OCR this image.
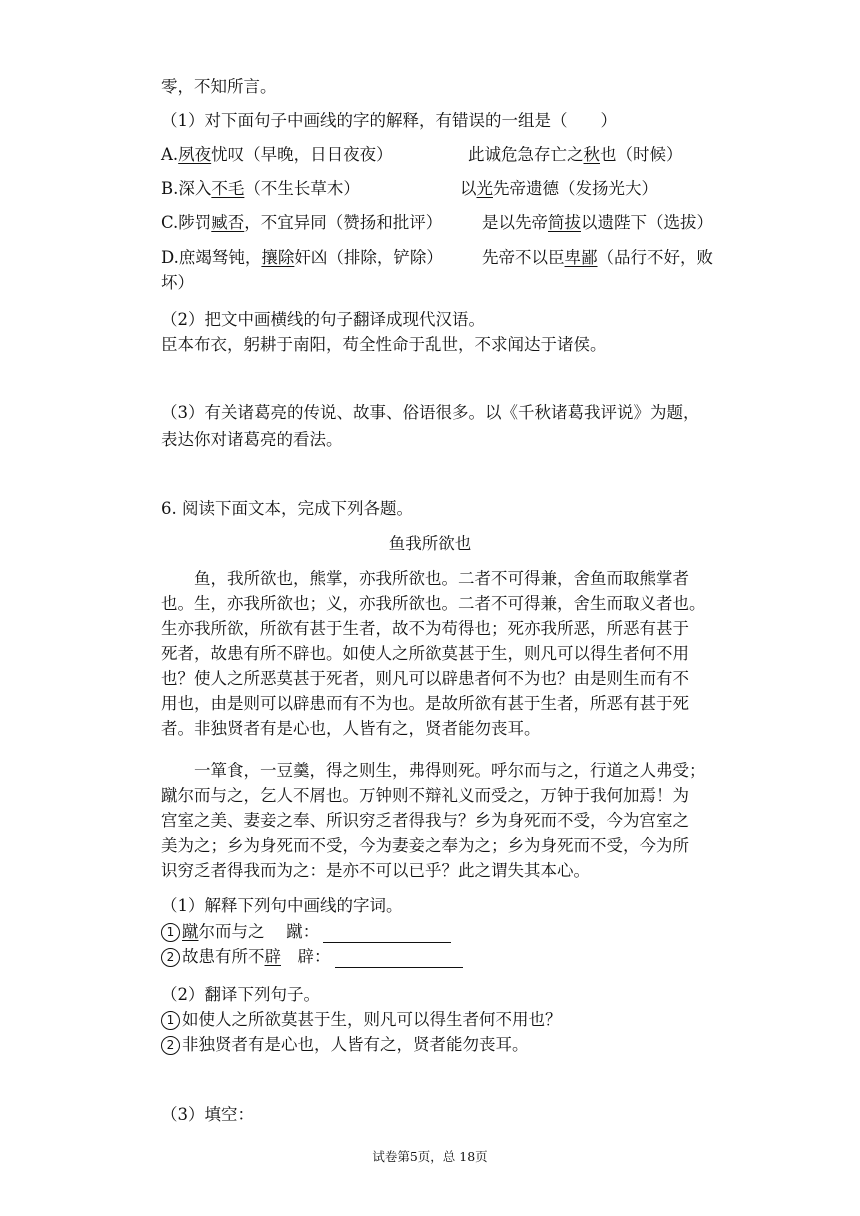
零，不知所言。
（1）对下面句子中画线的字的解释，有错误的一组是（　　）
A.夙夜忧叹（早晚，日日夜夜）	此诚危急存亡之秋也（时候）
B.深入不毛（不生长草木）	以光先帝遗德（发扬光大）
C.陟罚臧否，不宜异同（赞扬和批评） 是以先帝简拔以遗陛下（选拔）
D.庶竭驽钝，攘除奸凶（排除，铲除） 先帝不以臣卑鄙（品行不好，败
坏）
（2）把文中画横线的句子翻译成现代汉语。
臣本布衣，躬耕于南阳，苟全性命于乱世，不求闻达于诸侯。
（3）有关诸葛亮的传说、故事、俗语很多。以《千秋诸葛我评说》为题，
表达你对诸葛亮的看法。
6. 阅读下面文本，完成下列各题。
鱼我所欲也
　　鱼，我所欲也，熊掌，亦我所欲也。二者不可得兼，舍鱼而取熊掌者
也。生，亦我所欲也；义，亦我所欲也。二者不可得兼，舍生而取义者也。
生亦我所欲，所欲有甚于生者，故不为苟得也；死亦我所恶，所恶有甚于
死者，故患有所不辟也。如使人之所欲莫甚于生，则凡可以得生者何不用
也？使人之所恶莫甚于死者，则凡可以辟患者何不为也？由是则生而有不
用也，由是则可以辟患而有不为也。是故所欲有甚于生者，所恶有甚于死
者。非独贤者有是心也，人皆有之，贤者能勿丧耳。
　　一箪食，一豆羹，得之则生，弗得则死。呼尔而与之，行道之人弗受；
蹴尔而与之，乞人不屑也。万钟则不辩礼义而受之，万钟于我何加焉！为
宫室之美、妻妾之奉、所识穷乏者得我与？乡为身死而不受，今为宫室之
美为之；乡为身死而不受，今为妻妾之奉为之；乡为身死而不受，今为所
识穷乏者得我而为之：是亦不可以已乎？此之谓失其本心。
（1）解释下列句中画线的字词。
1 蹴尔而与之　 蹴：
2 故患有所不辟　辟：
（2）翻译下列句子。
1 如使人之所欲莫甚于生，则凡可以得生者何不用也？
2 非独贤者有是心也，人皆有之，贤者能勿丧耳。
（3）填空：
试卷第5页，总 18页
